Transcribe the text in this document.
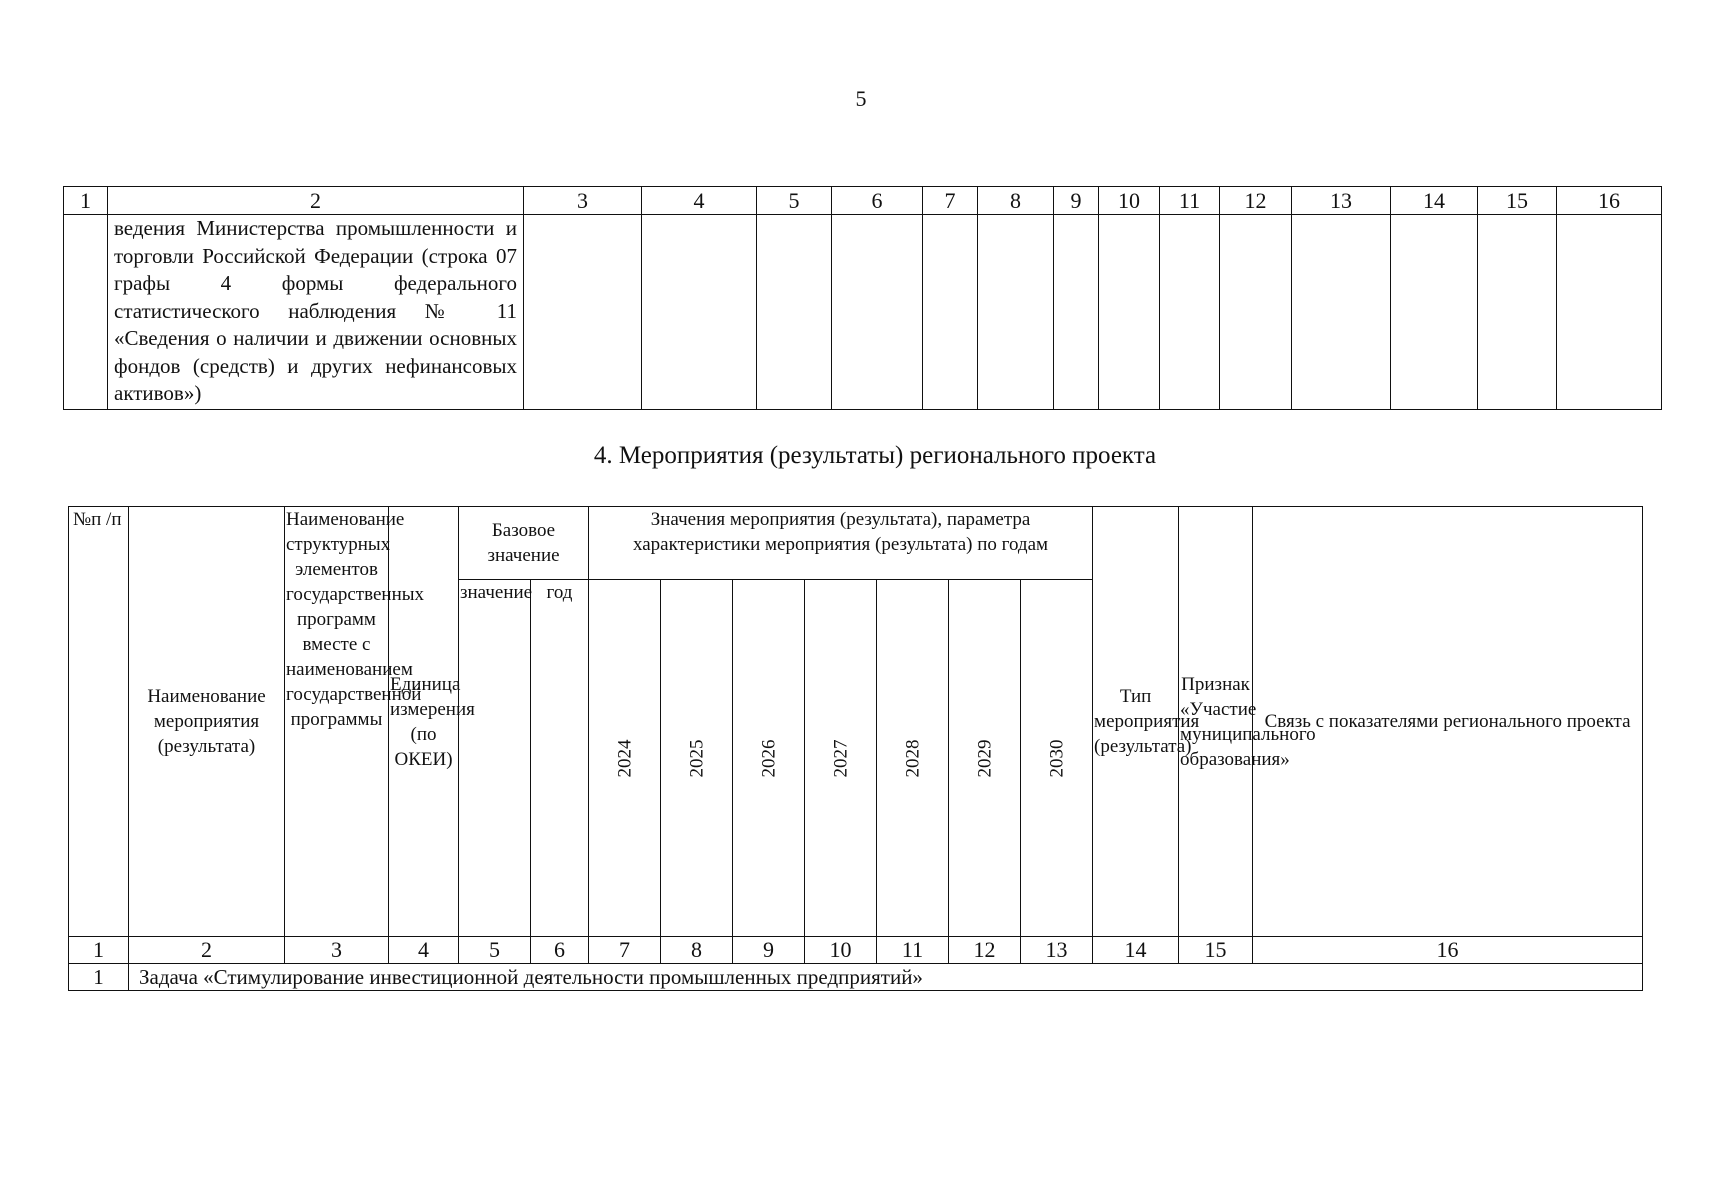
5
1	2	3	4	5	6	7	8	9	10	11	12	13	14	15	16

	ведения Министерства промышленности и торговли Российской Федерации (строка 07 графы 4 формы федерального статистического наблюдения № 11 «Сведения о наличии и движении основных фондов (средств) и других нефинансовых активов»)														

4. Мероприятия (результаты) регионального проекта
№п /п	Наименование мероприятия (результата)	Наименование структурных элементов государственных программ вместе с наименованием государственной программы	Единица измерения (по ОКЕИ)	Базовое значение		Значения мероприятия (результата), параметра характеристики мероприятия (результата) по годам							Тип мероприятия (результата)	Признак «Участие муниципального образования»	Связь с показателями регионального проекта
				значение	год	2024	2025	2026	2027	2028	2029	2030			

1	2	3	4	5	6	7	8	9	10	11	12	13	14	15	16
1	Задача «Стимулирование инвестиционной деятельности промышленных предприятий»														
